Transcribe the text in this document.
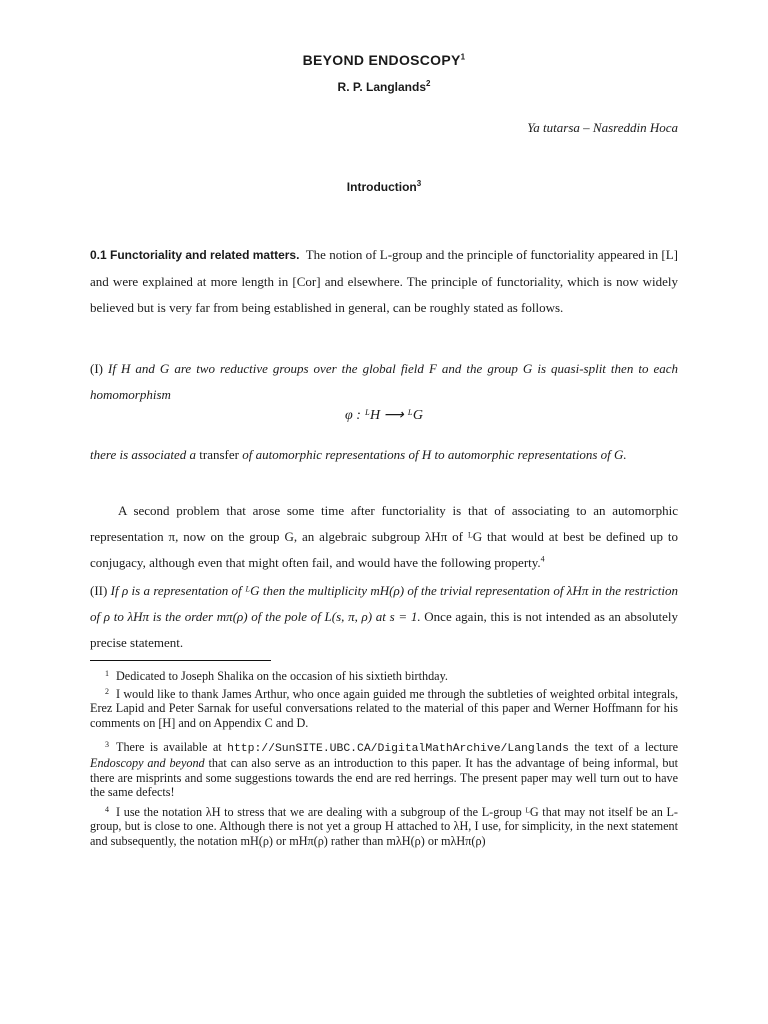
BEYOND ENDOSCOPY$^1$
R. P. Langlands$^2$
Ya tutarsa – Nasreddin Hoca
Introduction$^3$
0.1 Functoriality and related matters. The notion of L-group and the principle of functoriality appeared in [L] and were explained at more length in [Cor] and elsewhere. The principle of functoriality, which is now widely believed but is very far from being established in general, can be roughly stated as follows.
(I) If H and G are two reductive groups over the global field F and the group G is quasi-split then to each homomorphism
φ : ᴸH ⟶ ᴸG
there is associated a transfer of automorphic representations of H to automorphic representations of G.
A second problem that arose some time after functoriality is that of associating to an automorphic representation π, now on the group G, an algebraic subgroup λHπ of ᴸG that would at best be defined up to conjugacy, although even that might often fail, and would have the following property.$^4$
(II) If ρ is a representation of ᴸG then the multiplicity mH(ρ) of the trivial representation of λHπ in the restriction of ρ to λHπ is the order mπ(ρ) of the pole of L(s, π, ρ) at s = 1. Once again, this is not intended as an absolutely precise statement.
1 Dedicated to Joseph Shalika on the occasion of his sixtieth birthday.
2 I would like to thank James Arthur, who once again guided me through the subtleties of weighted orbital integrals, Erez Lapid and Peter Sarnak for useful conversations related to the material of this paper and Werner Hoffmann for his comments on [H] and on Appendix C and D.
3 There is available at http://SunSITE.UBC.CA/DigitalMathArchive/Langlands the text of a lecture Endoscopy and beyond that can also serve as an introduction to this paper. It has the advantage of being informal, but there are misprints and some suggestions towards the end are red herrings. The present paper may well turn out to have the same defects!
4 I use the notation λH to stress that we are dealing with a subgroup of the L-group ᴸG that may not itself be an L-group, but is close to one. Although there is not yet a group H attached to λH, I use, for simplicity, in the next statement and subsequently, the notation mH(ρ) or mHπ(ρ) rather than mλH(ρ) or mλHπ(ρ)
